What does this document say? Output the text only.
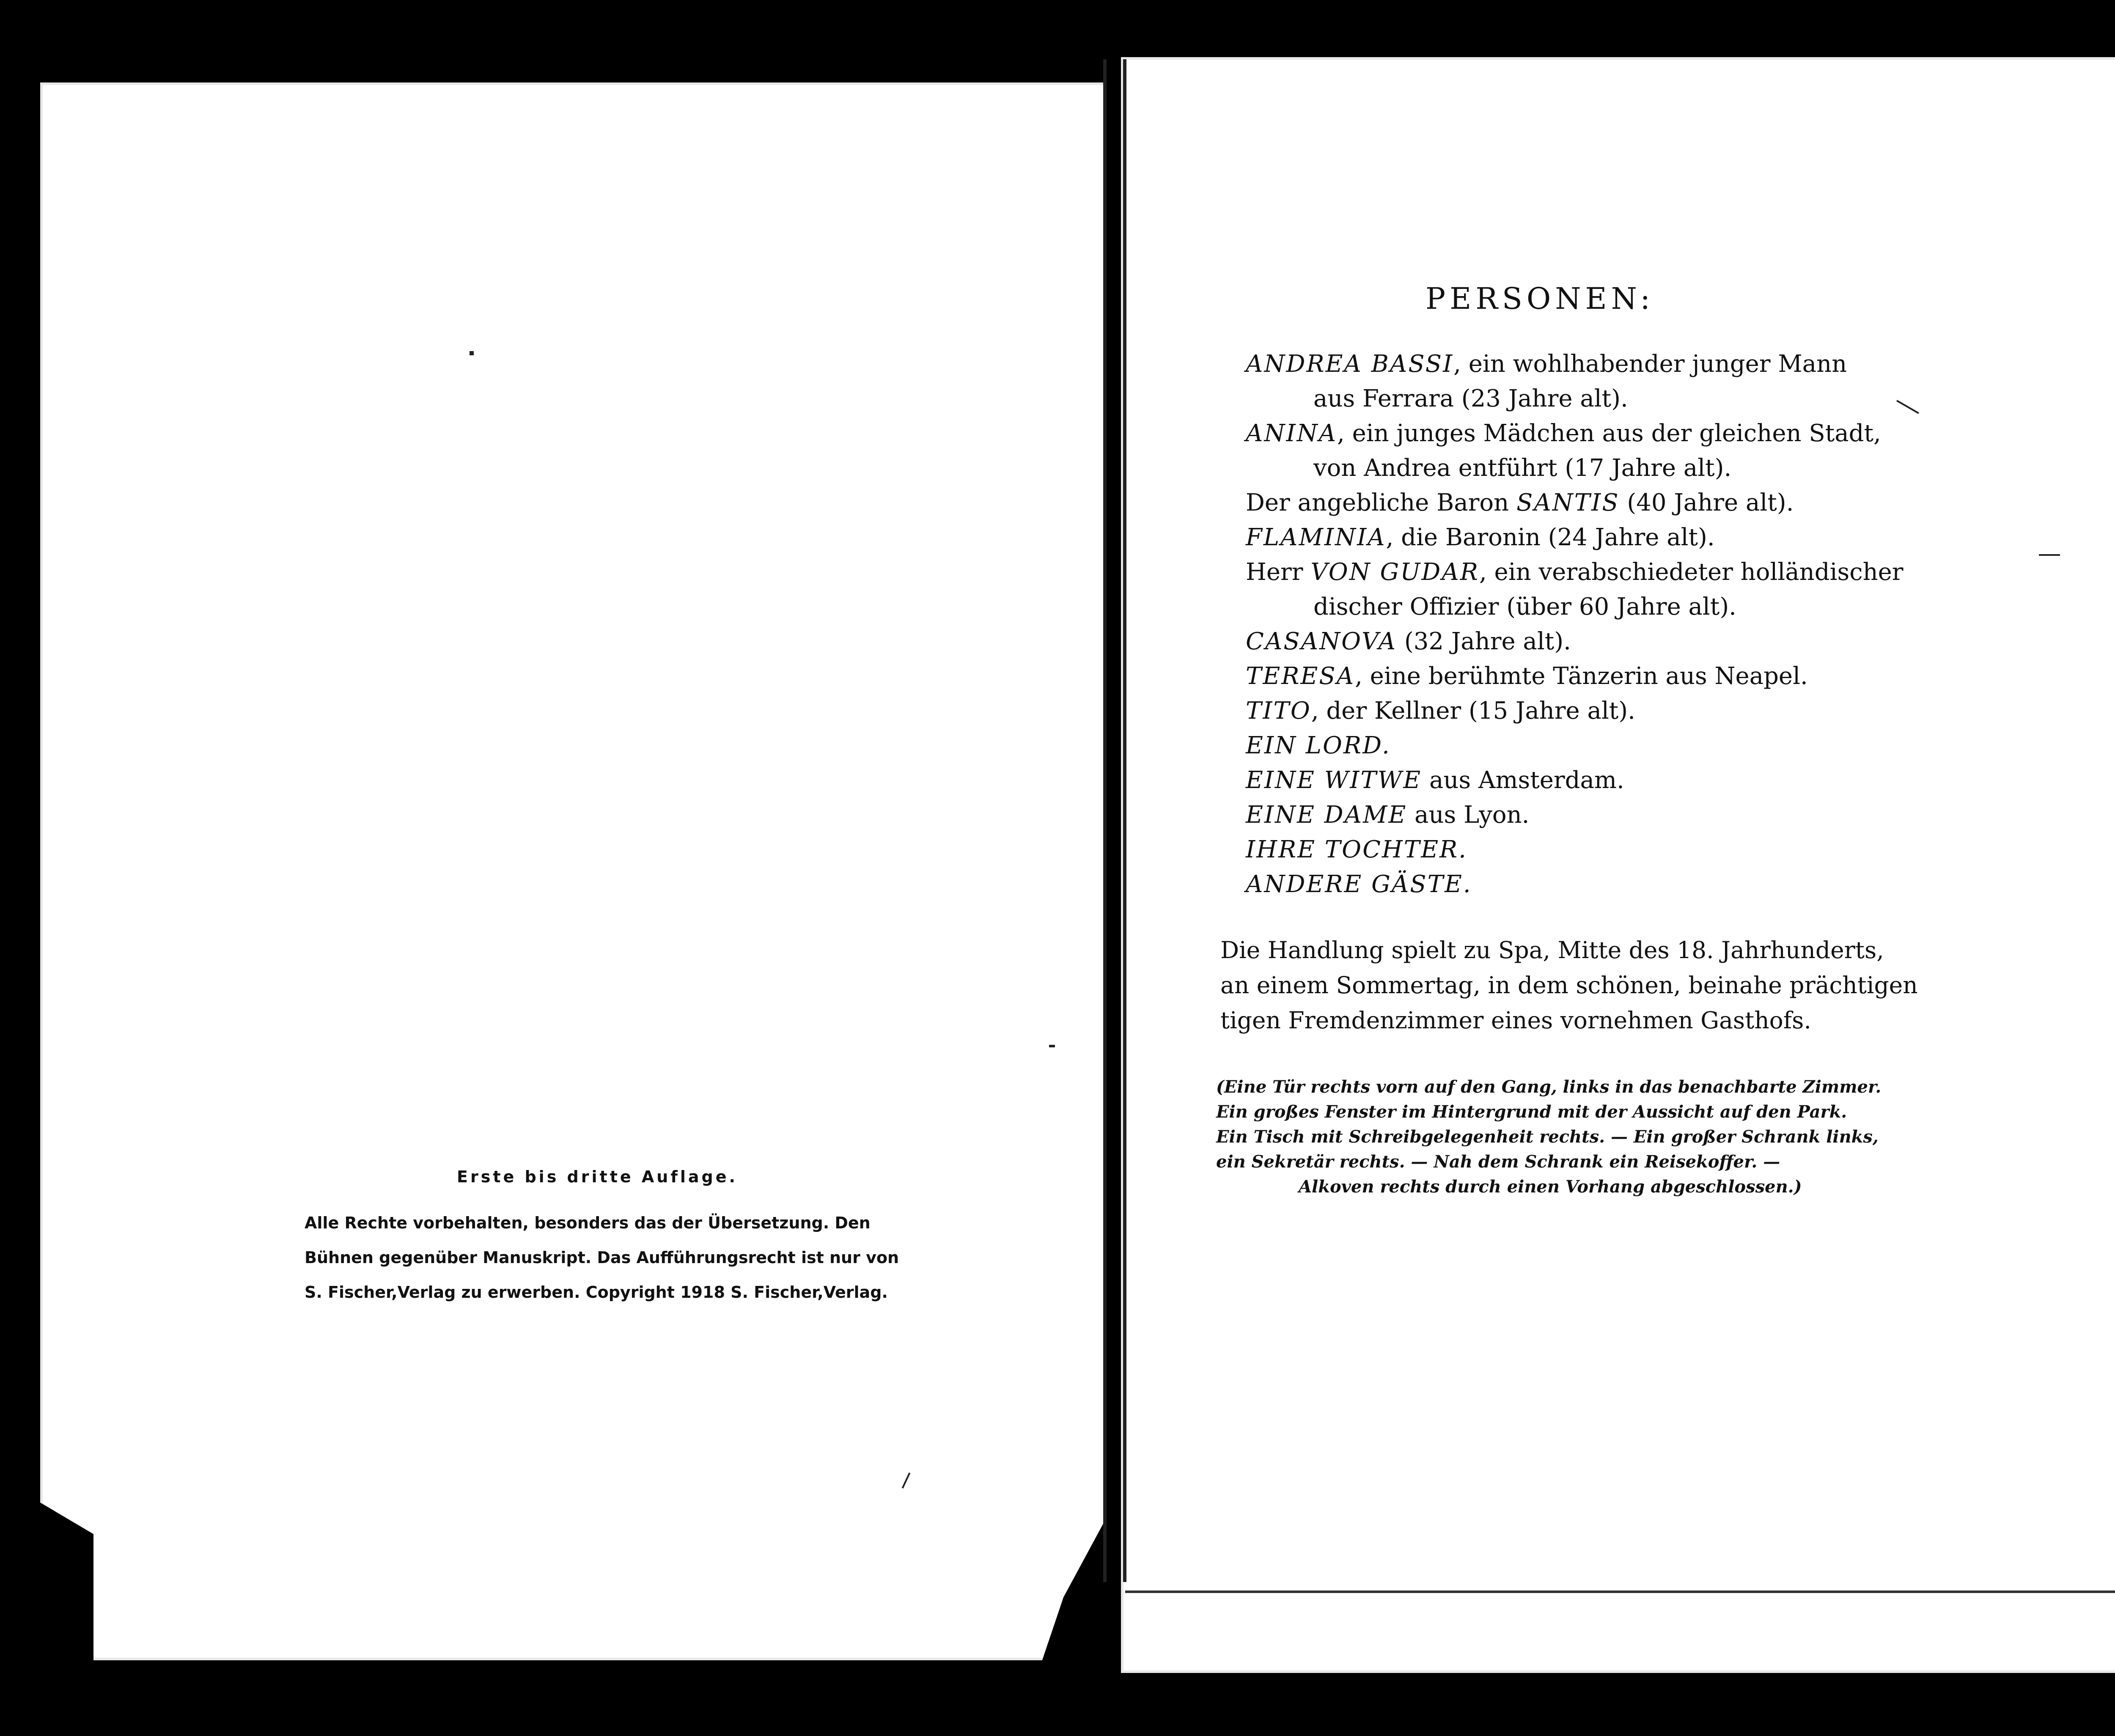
Erste bis dritte Auflage.
Alle Rechte vorbehalten, besonders das der Übersetzung. Den
Bühnen gegenüber Manuskript. Das Aufführungsrecht ist nur von
S. Fischer,Verlag zu erwerben. Copyright 1918 S. Fischer,Verlag.
PERSONEN:
ANDREA BASSI, ein wohlhabender junger Mann
aus Ferrara (23 Jahre alt).
ANINA, ein junges Mädchen aus der gleichen Stadt,
von Andrea entführt (17 Jahre alt).
Der angebliche Baron SANTIS (40 Jahre alt).
FLAMINIA, die Baronin (24 Jahre alt).
Herr VON GUDAR, ein verabschiedeter holländischer
discher Offizier (über 60 Jahre alt).
CASANOVA (32 Jahre alt).
TERESA, eine berühmte Tänzerin aus Neapel.
TITO, der Kellner (15 Jahre alt).
EIN LORD.
EINE WITWE aus Amsterdam.
EINE DAME aus Lyon.
IHRE TOCHTER.
ANDERE GÄSTE.
Die Handlung spielt zu Spa, Mitte des 18. Jahrhunderts,
an einem Sommertag, in dem schönen, beinahe prächtigen
tigen Fremdenzimmer eines vornehmen Gasthofs.
(Eine Tür rechts vorn auf den Gang, links in das benachbarte Zimmer.
Ein großes Fenster im Hintergrund mit der Aussicht auf den Park.
Ein Tisch mit Schreibgelegenheit rechts. — Ein großer Schrank links,
ein Sekretär rechts. — Nah dem Schrank ein Reisekoffer. —
Alkoven rechts durch einen Vorhang abgeschlossen.)
